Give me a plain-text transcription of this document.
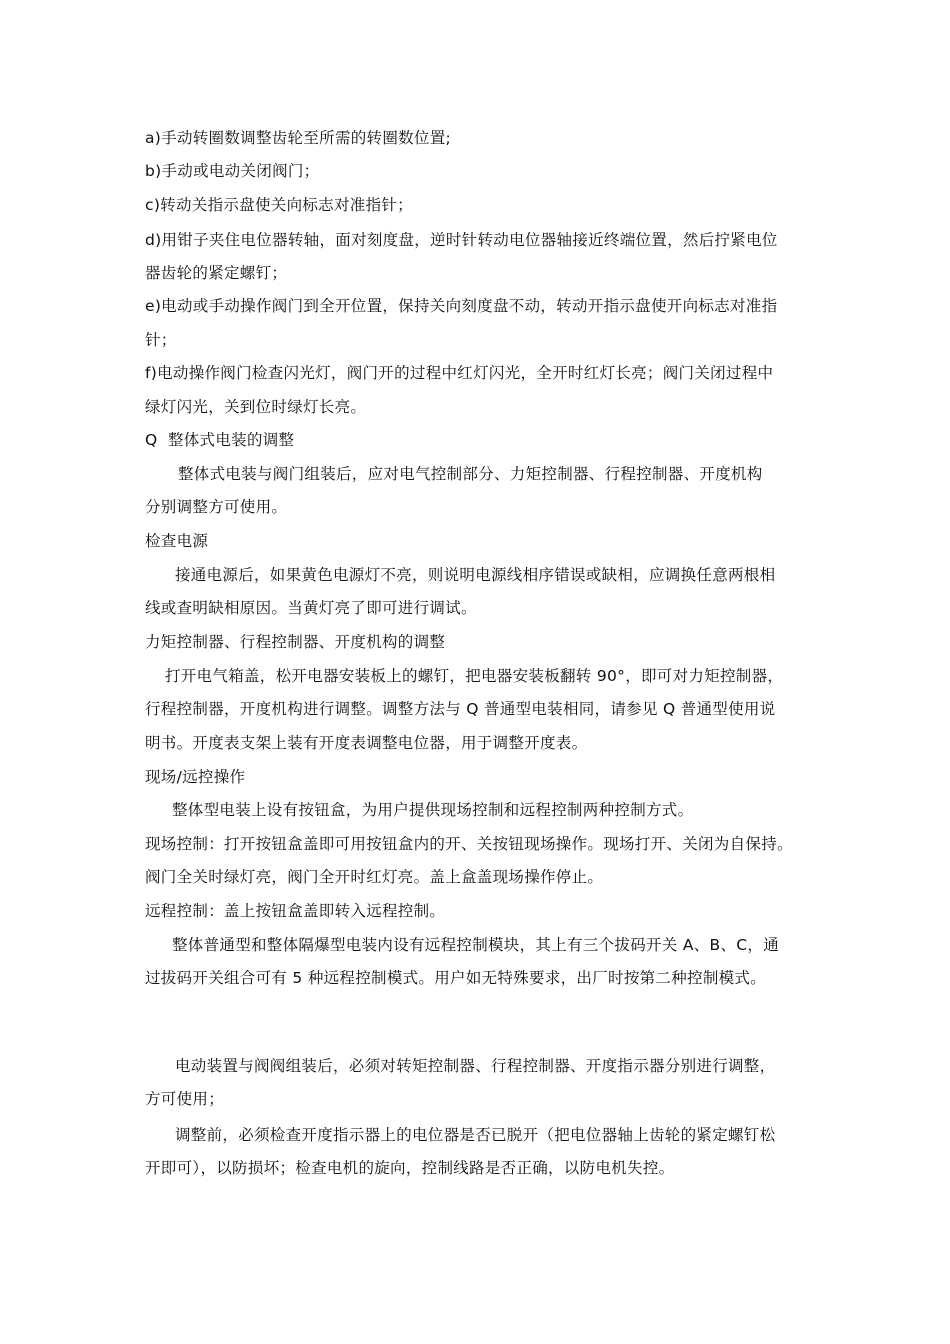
a)手动转圈数调整齿轮至所需的转圈数位置;
b)手动或电动关闭阀门；
c)转动关指示盘使关向标志对准指针；
d)用钳子夹住电位器转轴，面对刻度盘，逆时针转动电位器轴接近终端位置，然后拧紧电位
器齿轮的紧定螺钉；
e)电动或手动操作阀门到全开位置，保持关向刻度盘不动，转动开指示盘使开向标志对准指
针；
f)电动操作阀门检查闪光灯，阀门开的过程中红灯闪光，全开时红灯长亮；阀门关闭过程中
绿灯闪光，关到位时绿灯长亮。
Q  整体式电装的调整
整体式电装与阀门组装后，应对电气控制部分、力矩控制器、行程控制器、开度机构
分别调整方可使用。
检查电源
接通电源后，如果黄色电源灯不亮，则说明电源线相序错误或缺相，应调换任意两根相
线或查明缺相原因。当黄灯亮了即可进行调试。
力矩控制器、行程控制器、开度机构的调整
打开电气箱盖，松开电器安装板上的螺钉，把电器安装板翻转 90°，即可对力矩控制器，
行程控制器，开度机构进行调整。调整方法与 Q 普通型电装相同，请参见 Q 普通型使用说
明书。开度表支架上装有开度表调整电位器，用于调整开度表。
现场/远控操作
整体型电装上设有按钮盒，为用户提供现场控制和远程控制两种控制方式。
现场控制：打开按钮盒盖即可用按钮盒内的开、关按钮现场操作。现场打开、关闭为自保持。
阀门全关时绿灯亮，阀门全开时红灯亮。盖上盒盖现场操作停止。
远程控制：盖上按钮盒盖即转入远程控制。
整体普通型和整体隔爆型电装内设有远程控制模块，其上有三个拔码开关 A、B、C，通
过拔码开关组合可有 5 种远程控制模式。用户如无特殊要求，出厂时按第二种控制模式。
电动装置与阀阀组装后，必须对转矩控制器、行程控制器、开度指示器分别进行调整，
方可使用；
调整前，必须检查开度指示器上的电位器是否已脱开（把电位器轴上齿轮的紧定螺钉松
开即可），以防损坏；检查电机的旋向，控制线路是否正确，以防电机失控。
